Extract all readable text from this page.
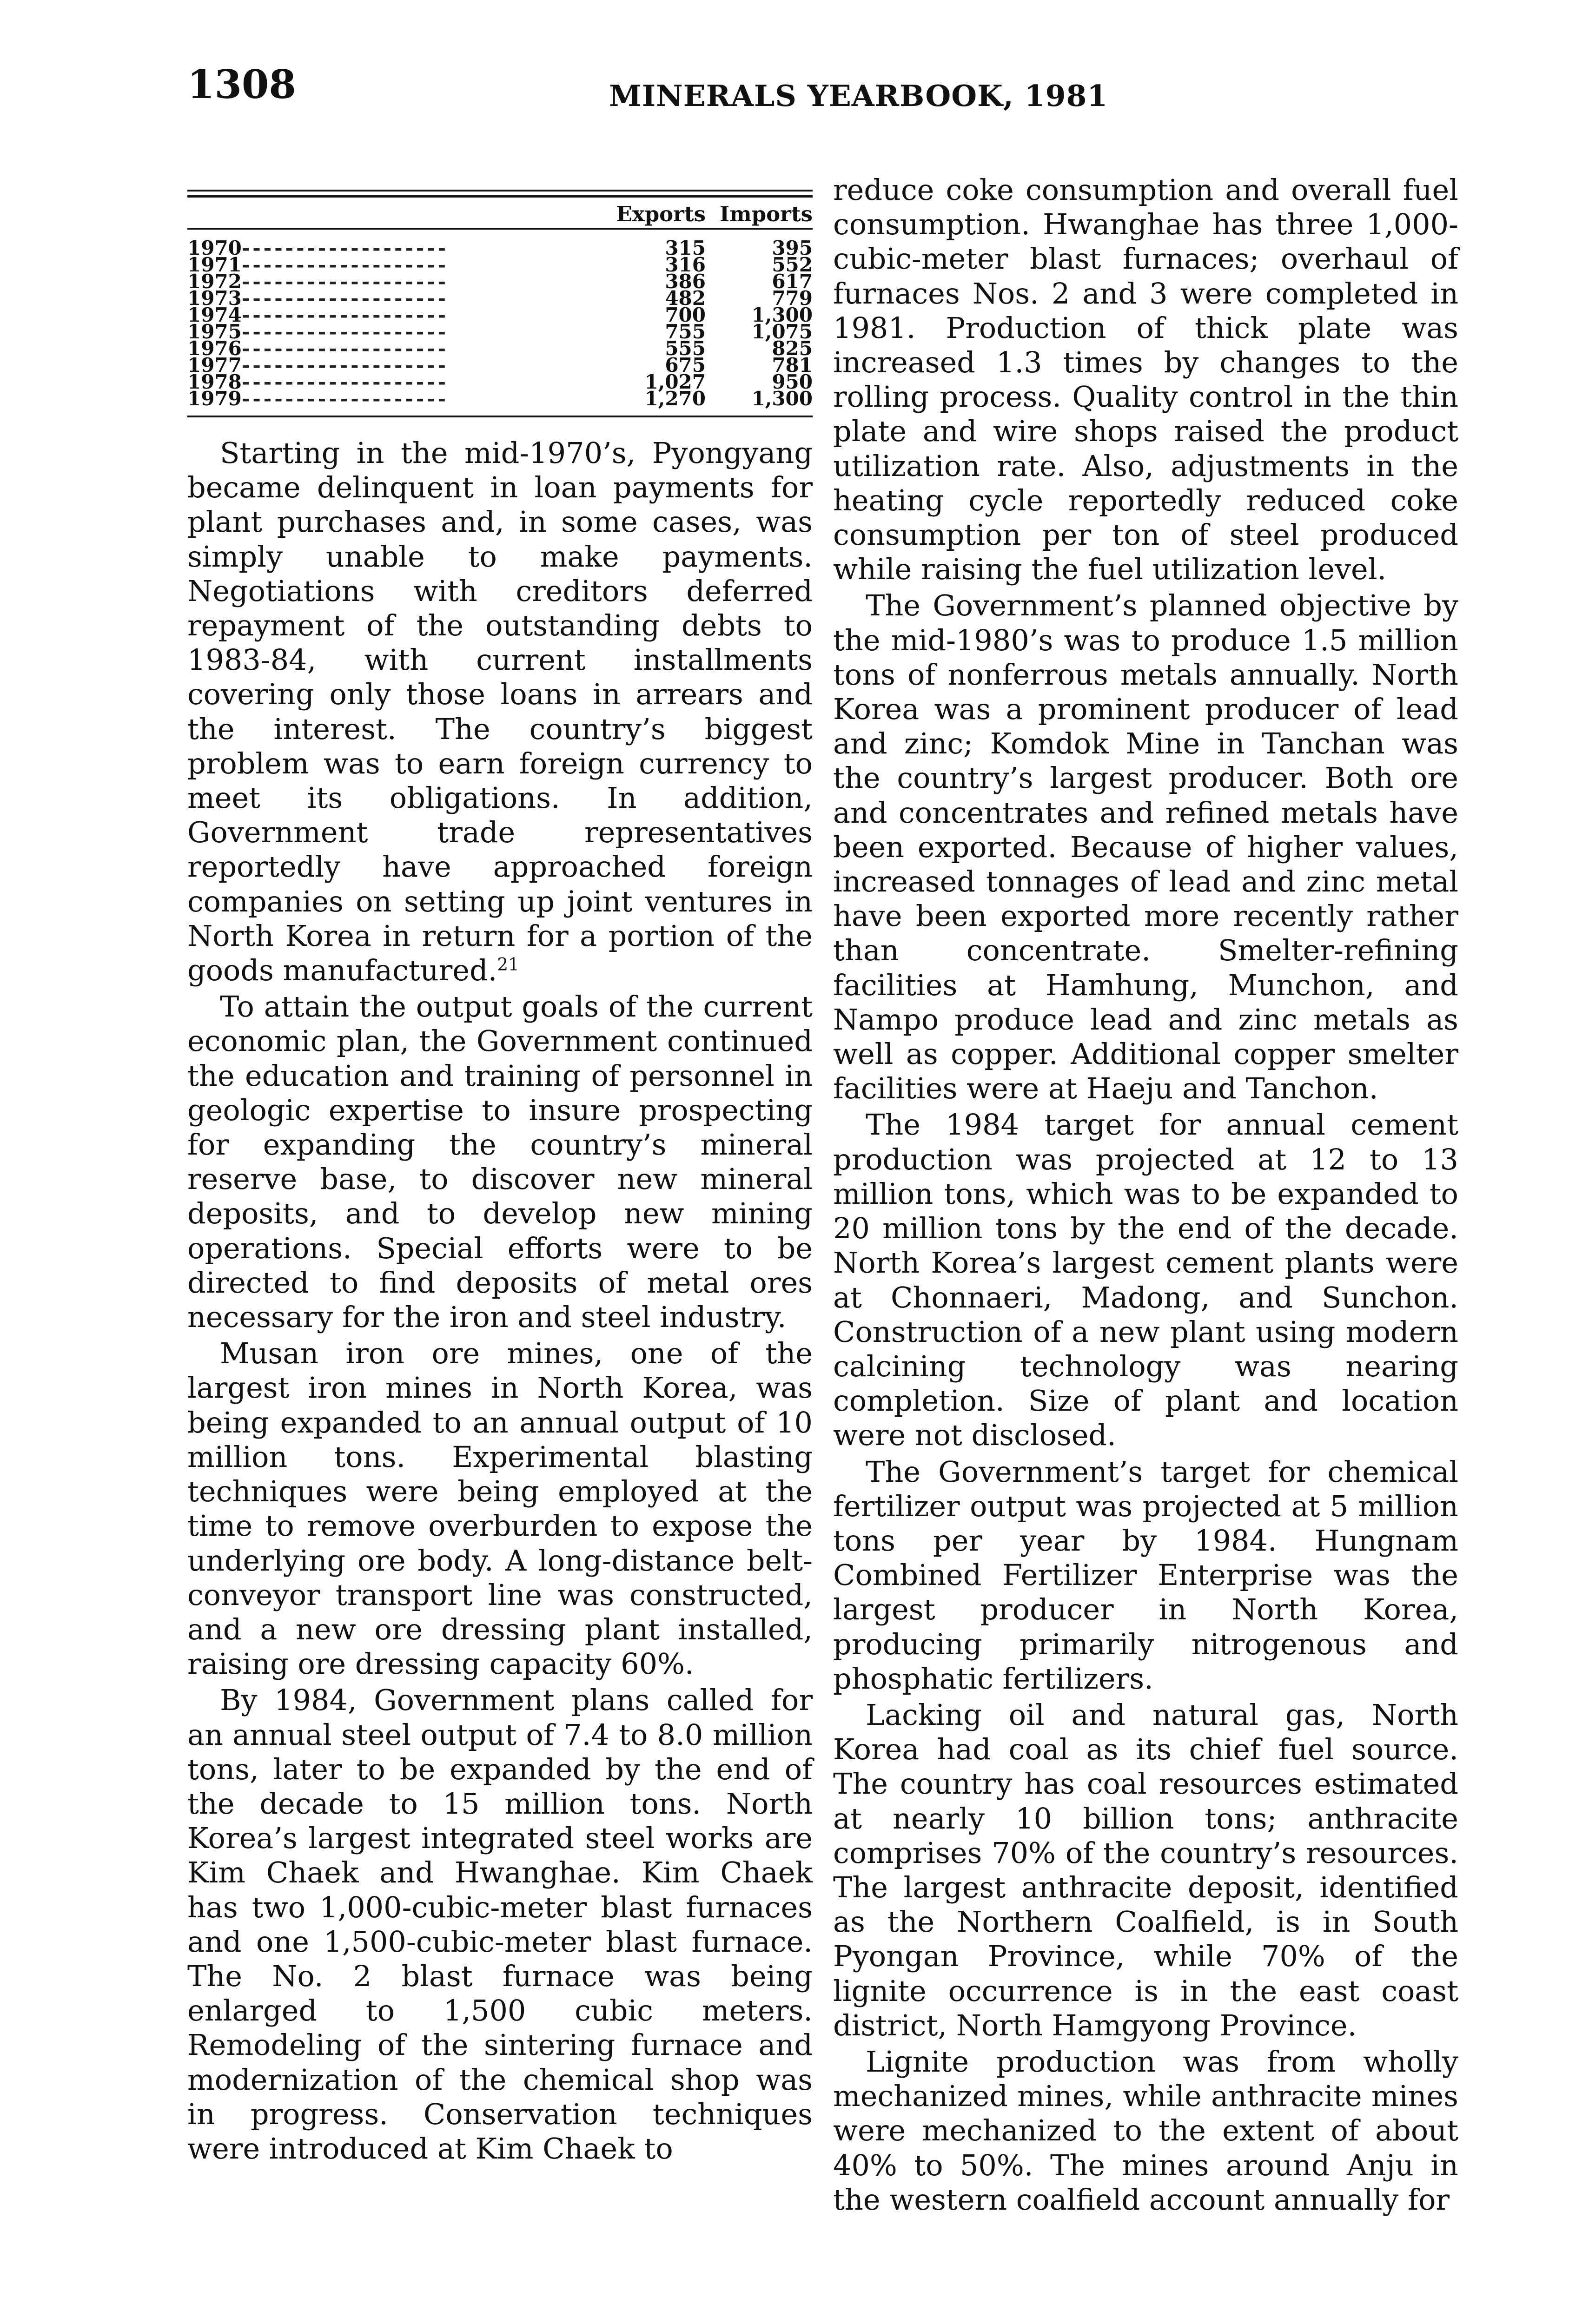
1308	MINERALS YEARBOOK, 1981

	Exports	Imports
1970-------------------	315	395
1971-------------------	316	552
1972-------------------	386	617
1973-------------------	482	779
1974-------------------	700	1,300
1975-------------------	755	1,075
1976-------------------	555	825
1977-------------------	675	781
1978-------------------	1,027	950
1979-------------------	1,270	1,300

Starting in the mid-1970’s, Pyongyang became delinquent in loan payments for plant purchases and, in some cases, was simply unable to make payments. Negotiations with creditors deferred repayment of the outstanding debts to 1983-84, with current installments covering only those loans in arrears and the interest. The country’s biggest problem was to earn foreign currency to meet its obligations. In addition, Government trade representatives reportedly have approached foreign companies on setting up joint ventures in North Korea in return for a portion of the goods manufactured.$^{21}$

To attain the output goals of the current economic plan, the Government continued the education and training of personnel in geologic expertise to insure prospecting for expanding the country’s mineral reserve base, to discover new mineral deposits, and to develop new mining operations. Special efforts were to be directed to find deposits of metal ores necessary for the iron and steel industry.

Musan iron ore mines, one of the largest iron mines in North Korea, was being expanded to an annual output of 10 million tons. Experimental blasting techniques were being employed at the time to remove overburden to expose the underlying ore body. A long-distance belt-conveyor transport line was constructed, and a new ore dressing plant installed, raising ore dressing capacity 60%.

By 1984, Government plans called for an annual steel output of 7.4 to 8.0 million tons, later to be expanded by the end of the decade to 15 million tons. North Korea’s largest integrated steel works are Kim Chaek and Hwanghae. Kim Chaek has two 1,000-cubic-meter blast furnaces and one 1,500-cubic-meter blast furnace. The No. 2 blast furnace was being enlarged to 1,500 cubic meters. Remodeling of the sintering furnace and modernization of the chemical shop was in progress. Conservation techniques were introduced at Kim Chaek to

reduce coke consumption and overall fuel consumption. Hwanghae has three 1,000-cubic-meter blast furnaces; overhaul of furnaces Nos. 2 and 3 were completed in 1981. Production of thick plate was increased 1.3 times by changes to the rolling process. Quality control in the thin plate and wire shops raised the product utilization rate. Also, adjustments in the heating cycle reportedly reduced coke consumption per ton of steel produced while raising the fuel utilization level.

The Government’s planned objective by the mid-1980’s was to produce 1.5 million tons of nonferrous metals annually. North Korea was a prominent producer of lead and zinc; Komdok Mine in Tanchan was the country’s largest producer. Both ore and concentrates and refined metals have been exported. Because of higher values, increased tonnages of lead and zinc metal have been exported more recently rather than concentrate. Smelter-refining facilities at Hamhung, Munchon, and Nampo produce lead and zinc metals as well as copper. Additional copper smelter facilities were at Haeju and Tanchon.

The 1984 target for annual cement production was projected at 12 to 13 million tons, which was to be expanded to 20 million tons by the end of the decade. North Korea’s largest cement plants were at Chonnaeri, Madong, and Sunchon. Construction of a new plant using modern calcining technology was nearing completion. Size of plant and location were not disclosed.

The Government’s target for chemical fertilizer output was projected at 5 million tons per year by 1984. Hungnam Combined Fertilizer Enterprise was the largest producer in North Korea, producing primarily nitrogenous and phosphatic fertilizers.

Lacking oil and natural gas, North Korea had coal as its chief fuel source. The country has coal resources estimated at nearly 10 billion tons; anthracite comprises 70% of the country’s resources. The largest anthracite deposit, identified as the Northern Coalfield, is in South Pyongan Province, while 70% of the lignite occurrence is in the east coast district, North Hamgyong Province.

Lignite production was from wholly mechanized mines, while anthracite mines were mechanized to the extent of about 40% to 50%. The mines around Anju in the western coalfield account annually for
